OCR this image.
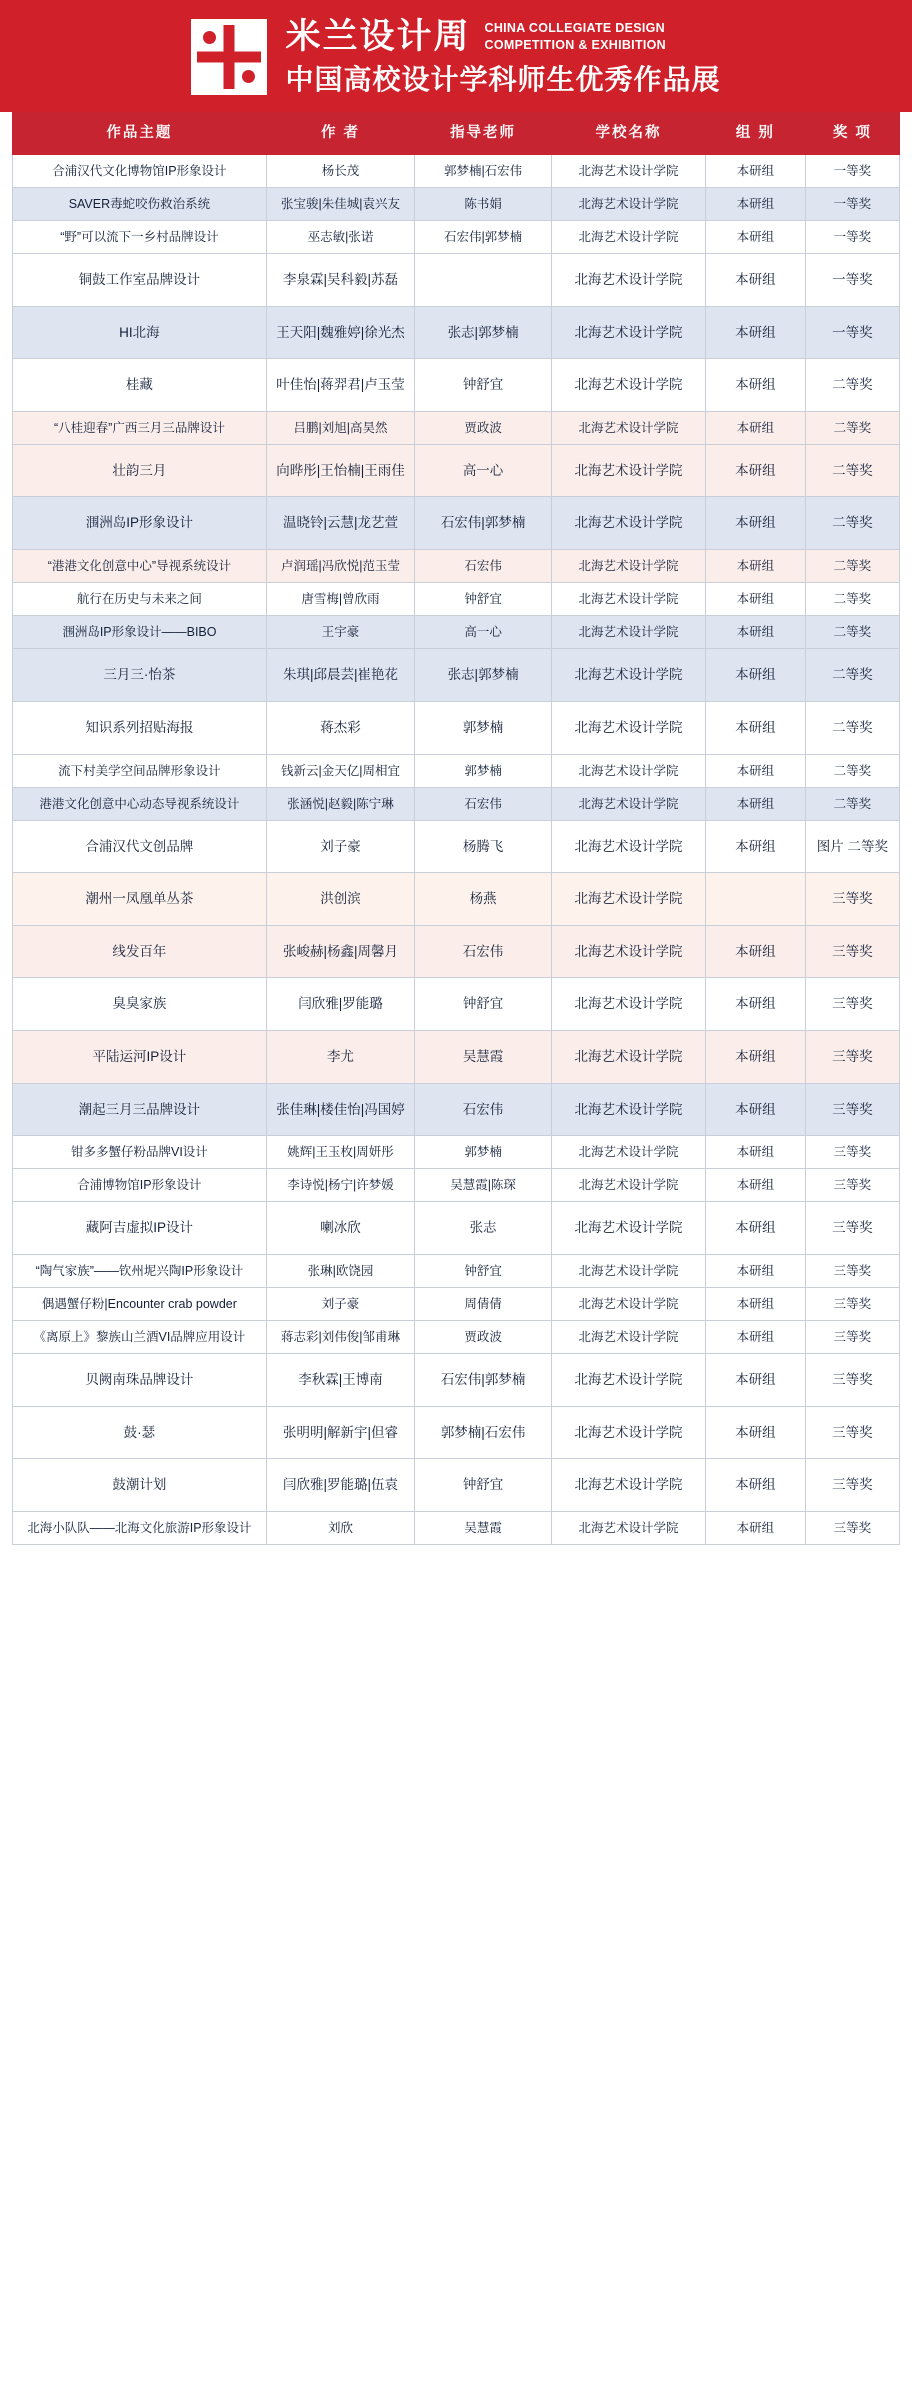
米兰设计周 CHINA COLLEGIATE DESIGN
COMPETITION & EXHIBITION
中国高校设计学科师生优秀作品展
作品主题	作 者	指导老师	学校名称	组 别	奖 项
合浦汉代文化博物馆IP形象设计	杨长茂	郭梦楠|石宏伟	北海艺术设计学院	本研组	一等奖
SAVER毒蛇咬伤救治系统	张宝骏|朱佳城|袁兴友	陈书娟	北海艺术设计学院	本研组	一等奖
“野”可以流下一乡村品牌设计	巫志敏|张诺	石宏伟|郭梦楠	北海艺术设计学院	本研组	一等奖
铜鼓工作室品牌设计	李泉霖|吴科毅|苏磊		北海艺术设计学院	本研组	一等奖
HI北海	王天阳|魏雅婷|徐光杰	张志|郭梦楠	北海艺术设计学院	本研组	一等奖
桂藏	叶佳怡|蒋羿君|卢玉莹	钟舒宜	北海艺术设计学院	本研组	二等奖
“八桂迎春”广西三月三品牌设计	吕鹏|刘旭|高昊然	贾政波	北海艺术设计学院	本研组	二等奖
壮韵三月	向晔彤|王怡楠|王雨佳	高一心	北海艺术设计学院	本研组	二等奖
涠洲岛IP形象设计	温晓铃|云慧|龙艺萱	石宏伟|郭梦楠	北海艺术设计学院	本研组	二等奖
“港港文化创意中心”导视系统设计	卢润瑶|冯欣悦|范玉莹	石宏伟	北海艺术设计学院	本研组	二等奖
航行在历史与未来之间	唐雪梅|曾欣雨	钟舒宜	北海艺术设计学院	本研组	二等奖
涠洲岛IP形象设计——BIBO	王宇豪	高一心	北海艺术设计学院	本研组	二等奖
三月三·怡茶	朱琪|邱晨芸|崔艳花	张志|郭梦楠	北海艺术设计学院	本研组	二等奖
知识系列招贴海报	蒋杰彩	郭梦楠	北海艺术设计学院	本研组	二等奖
流下村美学空间品牌形象设计	钱新云|金天亿|周相宜	郭梦楠	北海艺术设计学院	本研组	二等奖
港港文化创意中心动态导视系统设计	张涵悦|赵毅|陈宁琳	石宏伟	北海艺术设计学院	本研组	二等奖
合浦汉代文创品牌	刘子豪	杨腾飞	北海艺术设计学院	本研组	图片 二等奖
潮州一凤凰单丛茶	洪创滨	杨燕	北海艺术设计学院		三等奖
线发百年	张峻赫|杨鑫|周馨月	石宏伟	北海艺术设计学院	本研组	三等奖
臭臭家族	闫欣雅|罗能璐	钟舒宜	北海艺术设计学院	本研组	三等奖
平陆运河IP设计	李尤	吴慧霞	北海艺术设计学院	本研组	三等奖
潮起三月三品牌设计	张佳琳|楼佳怡|冯国婷	石宏伟	北海艺术设计学院	本研组	三等奖
钳多多蟹仔粉品牌VI设计	姚辉|王玉枚|周妍彤	郭梦楠	北海艺术设计学院	本研组	三等奖
合浦博物馆IP形象设计	李诗悦|杨宁|许梦媛	吴慧霞|陈琛	北海艺术设计学院	本研组	三等奖
藏阿吉虚拟IP设计	喇冰欣	张志	北海艺术设计学院	本研组	三等奖
“陶气家族”——钦州坭兴陶IP形象设计	张琳|欧饶园	钟舒宜	北海艺术设计学院	本研组	三等奖
偶遇蟹仔粉|Encounter crab powder	刘子豪	周倩倩	北海艺术设计学院	本研组	三等奖
《离原上》黎族山兰酒VI品牌应用设计	蒋志彩|刘伟俊|邹甫琳	贾政波	北海艺术设计学院	本研组	三等奖
贝阙南珠品牌设计	李秋霖|王博南	石宏伟|郭梦楠	北海艺术设计学院	本研组	三等奖
鼓·瑟	张明明|解新宇|但睿	郭梦楠|石宏伟	北海艺术设计学院	本研组	三等奖
鼓潮计划	闫欣雅|罗能璐|伍袁	钟舒宜	北海艺术设计学院	本研组	三等奖
北海小队队——北海文化旅游IP形象设计	刘欣	吴慧霞	北海艺术设计学院	本研组	三等奖
